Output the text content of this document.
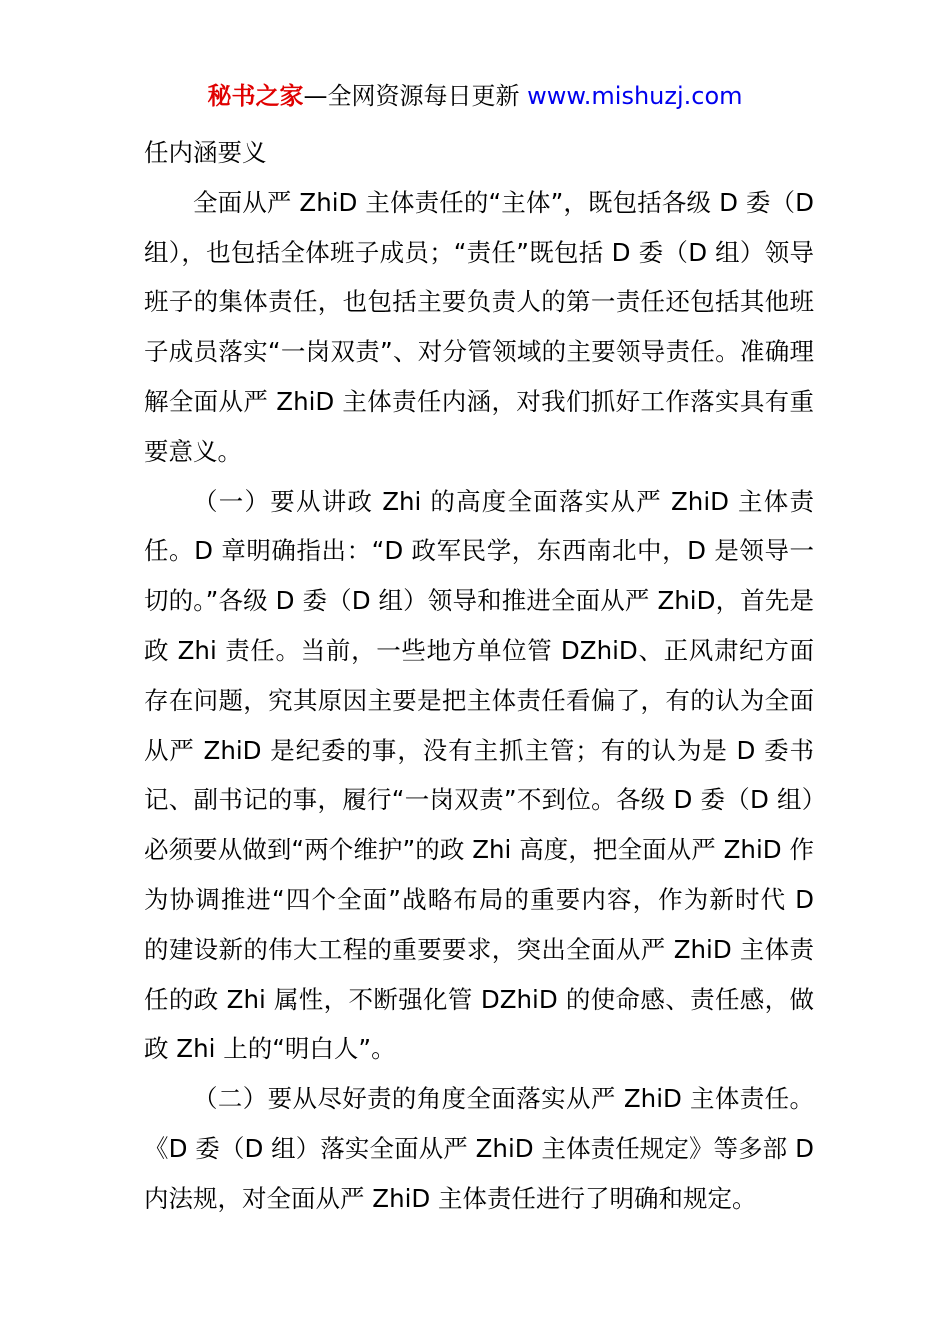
秘书之家—全网资源每日更新 www.mishuzj.com

任内涵要义

全面从严 ZhiD 主体责任的“主体”，既包括各级 D 委（D 组），也包括全体班子成员；“责任”既包括 D 委（D 组）领导班子的集体责任，也包括主要负责人的第一责任还包括其他班子成员落实“一岗双责”、对分管领域的主要领导责任。准确理解全面从严 ZhiD 主体责任内涵，对我们抓好工作落实具有重要意义。

（一）要从讲政 Zhi 的高度全面落实从严 ZhiD 主体责任。D 章明确指出：“D 政军民学，东西南北中，D 是领导一切的。”各级 D 委（D 组）领导和推进全面从严 ZhiD，首先是政 Zhi 责任。当前，一些地方单位管 DZhiD、正风肃纪方面存在问题，究其原因主要是把主体责任看偏了，有的认为全面从严 ZhiD 是纪委的事，没有主抓主管；有的认为是 D 委书记、副书记的事，履行“一岗双责”不到位。各级 D 委（D 组）必须要从做到“两个维护”的政 Zhi 高度，把全面从严 ZhiD 作为协调推进“四个全面”战略布局的重要内容，作为新时代 D 的建设新的伟大工程的重要要求，突出全面从严 ZhiD 主体责任的政 Zhi 属性，不断强化管 DZhiD 的使命感、责任感，做政 Zhi 上的“明白人”。

（二）要从尽好责的角度全面落实从严 ZhiD 主体责任。《D 委（D 组）落实全面从严 ZhiD 主体责任规定》等多部 D 内法规，对全面从严 ZhiD 主体责任进行了明确和规定。
